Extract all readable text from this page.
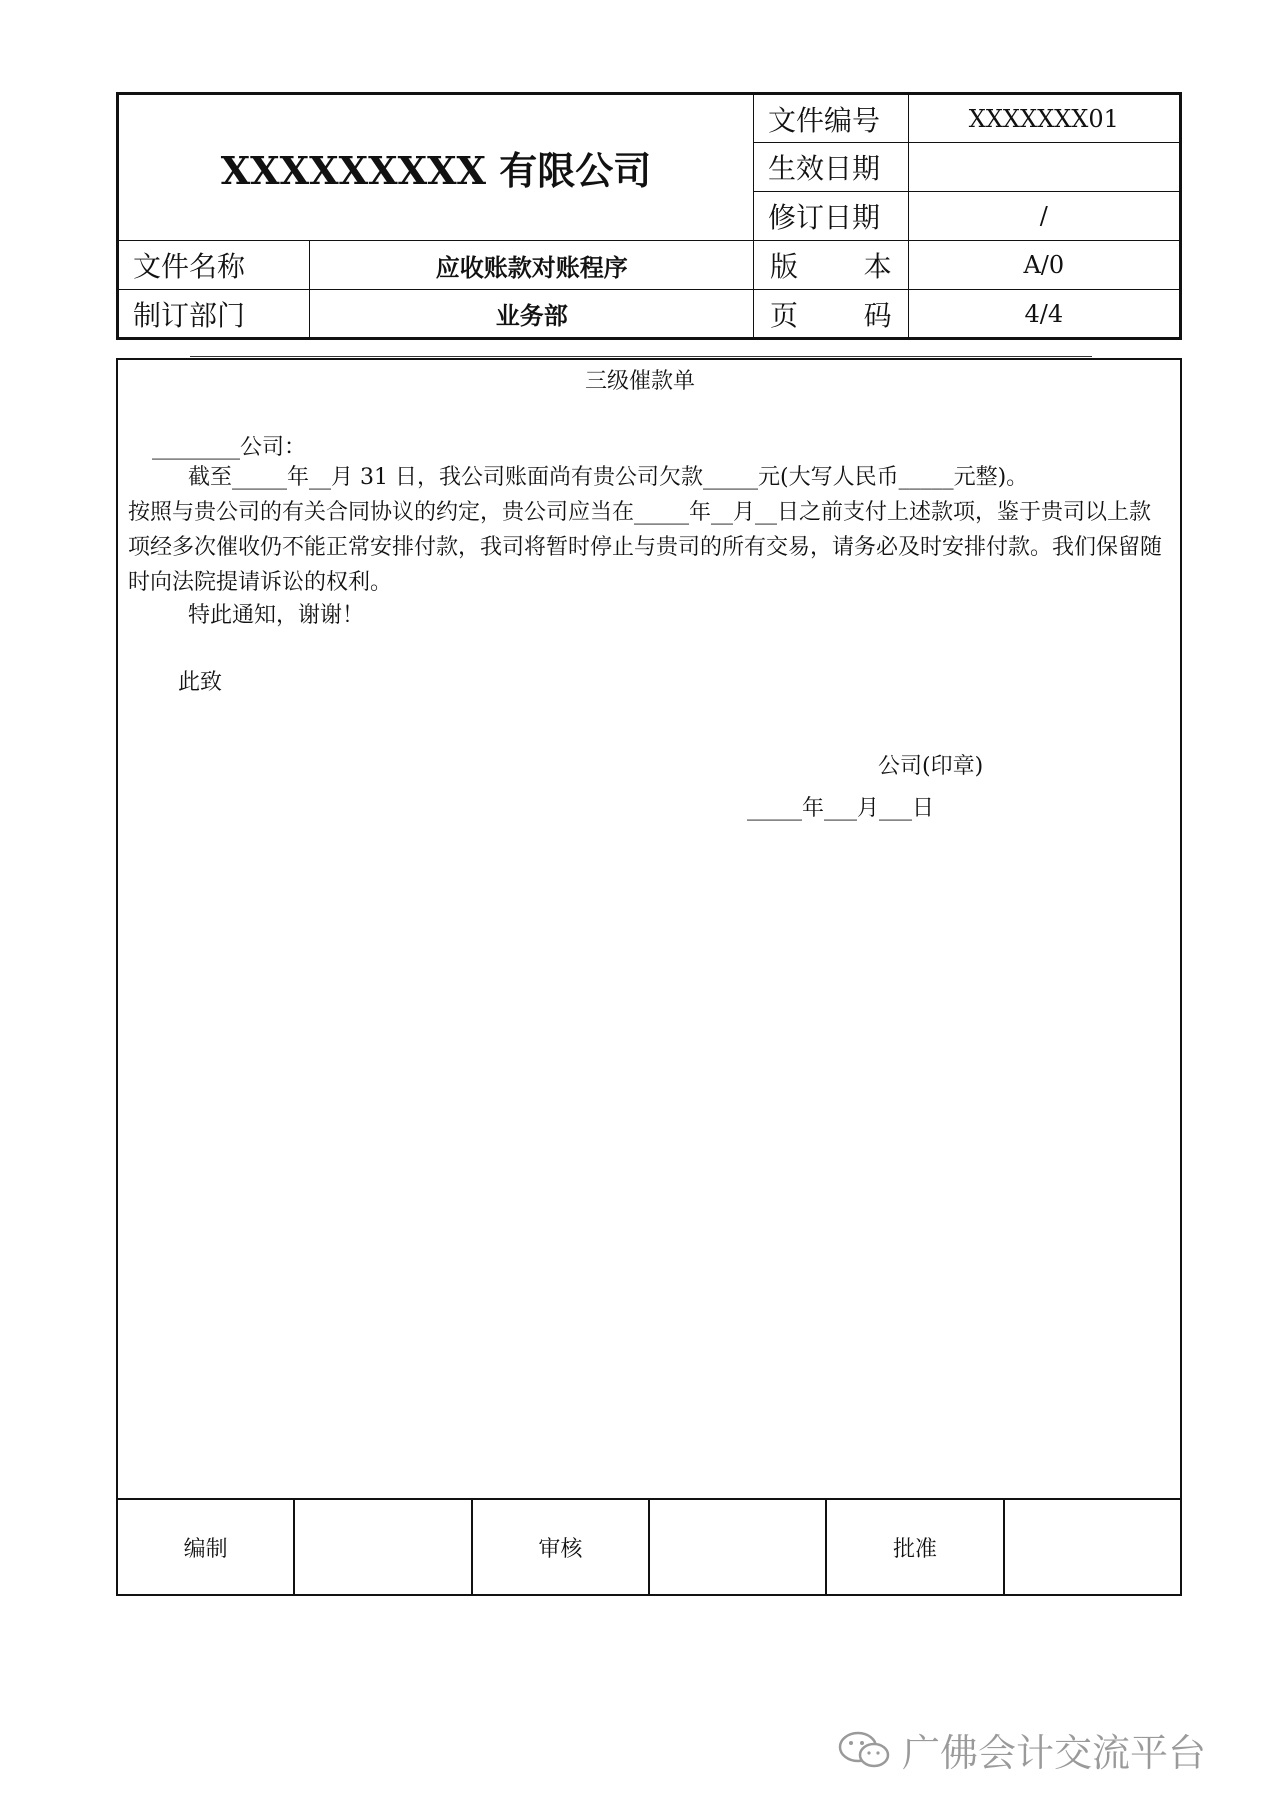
XXXXXXXXX 有限公司		文件编号	XXXXXXX01
		生效日期	
		修订日期	/
文件名称	应收账款对账程序	版　本	A/0
制订部门	业务部	页　码	4/4
三级催款单
________公司：
截至_____年__月 31 日，我公司账面尚有贵公司欠款_____元(大写人民币_____元整)。
按照与贵公司的有关合同协议的约定，贵公司应当在_____年__月__日之前支付上述款项，鉴于贵司以上款项经多次催收仍不能正常安排付款，我司将暂时停止与贵司的所有交易，请务必及时安排付款。我们保留随时向法院提请诉讼的权利。
特此通知，谢谢！
此致
公司(印章)
_____年___月___日
编制		审核		批准	
广佛会计交流平台
